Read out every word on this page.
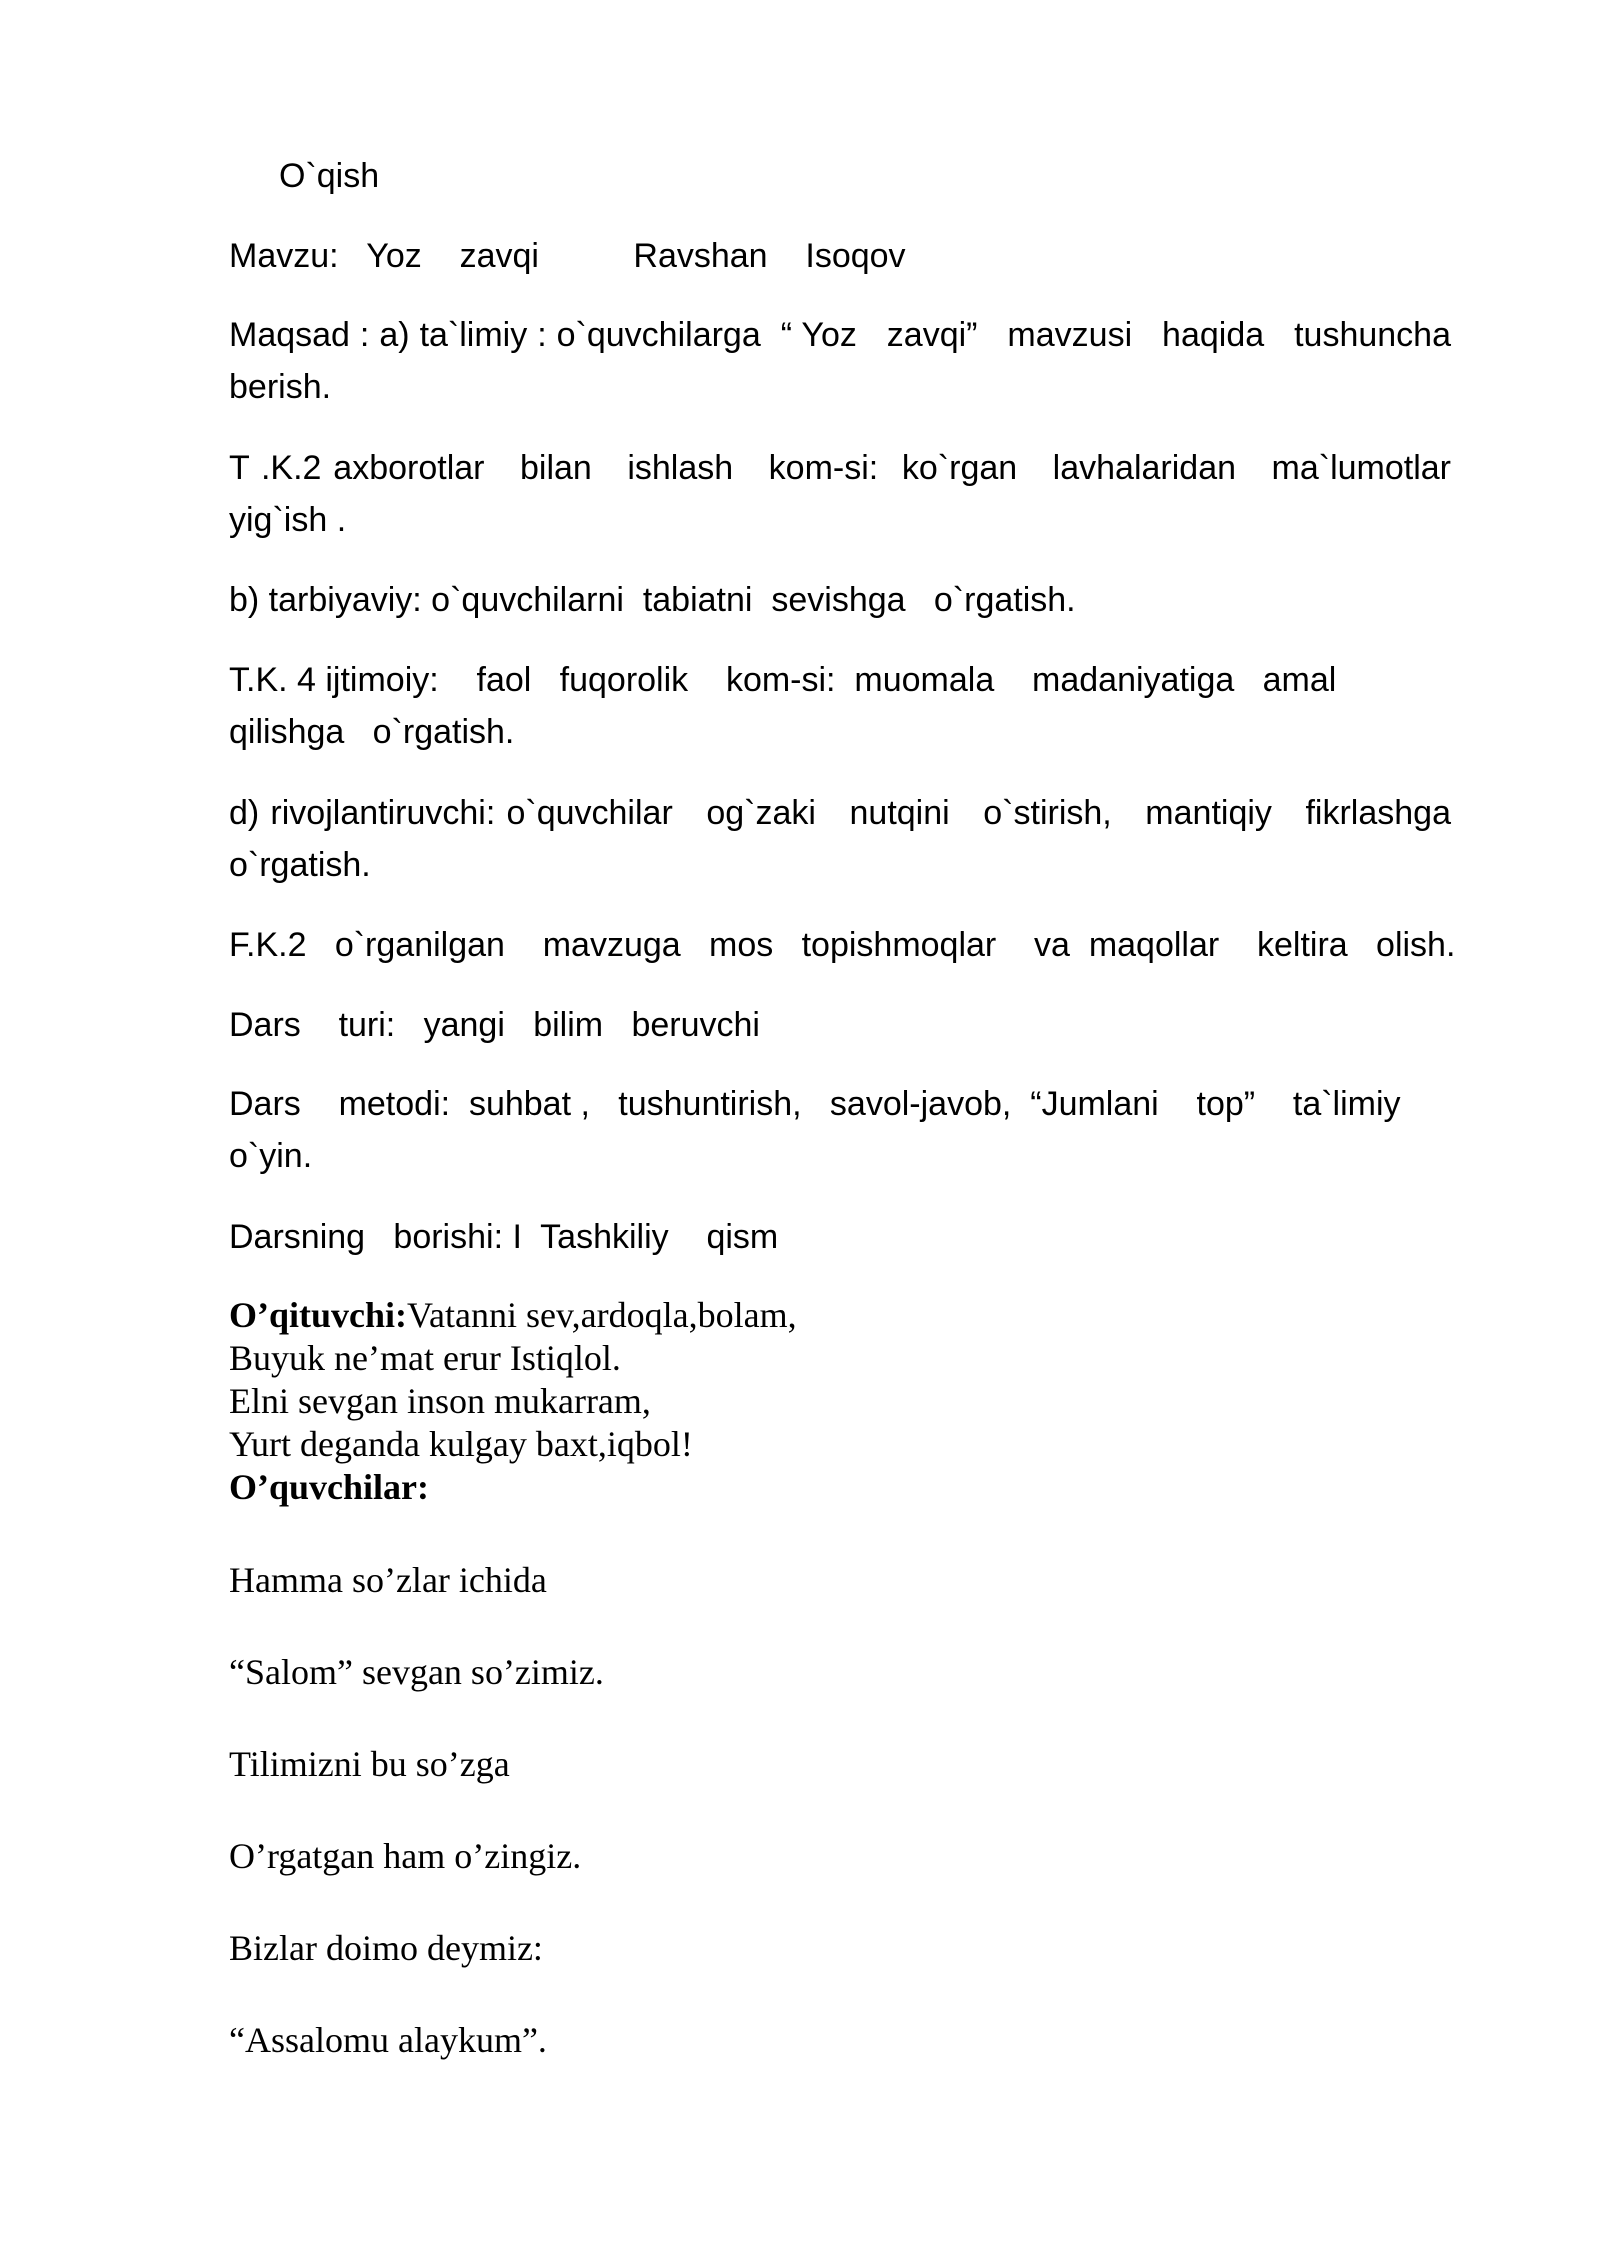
O`qish
Mavzu:   Yoz    zavqi          Ravshan    Isoqov
Maqsad : a) ta`limiy : o`quvchilarga  “ Yoz   zavqi”   mavzusi   haqida   tushuncha berish.
T .K.2 axborotlar   bilan   ishlash   kom-si:  ko`rgan   lavhalaridan   ma`lumotlar yig`ish .
b) tarbiyaviy: o`quvchilarni  tabiatni  sevishga   o`rgatish.
T.K. 4 ijtimoiy:    faol   fuqorolik    kom-si:  muomala    madaniyatiga   amal
qilishga   o`rgatish.
d) rivojlantiruvchi: o`quvchilar   og`zaki   nutqini   o`stirish,   mantiqiy   fikrlashga o`rgatish.
F.K.2   o`rganilgan    mavzuga   mos   topishmoqlar    va  maqollar    keltira   olish.
Dars    turi:   yangi   bilim   beruvchi
Dars    metodi:  suhbat ,   tushuntirish,   savol-javob,  “Jumlani    top”    ta`limiy
o`yin.
Darsning   borishi: I  Tashkiliy    qism
O’qituvchi:Vatanni sev,ardoqla,bolam,
Buyuk ne’mat erur Istiqlol.
Elni sevgan inson mukarram,
Yurt deganda kulgay baxt,iqbol!
O’quvchilar:
Hamma so’zlar ichida
“Salom” sevgan so’zimiz.
Tilimizni bu so’zga
O’rgatgan ham o’zingiz.
Bizlar doimo deymiz:
“Assalomu alaykum”.
